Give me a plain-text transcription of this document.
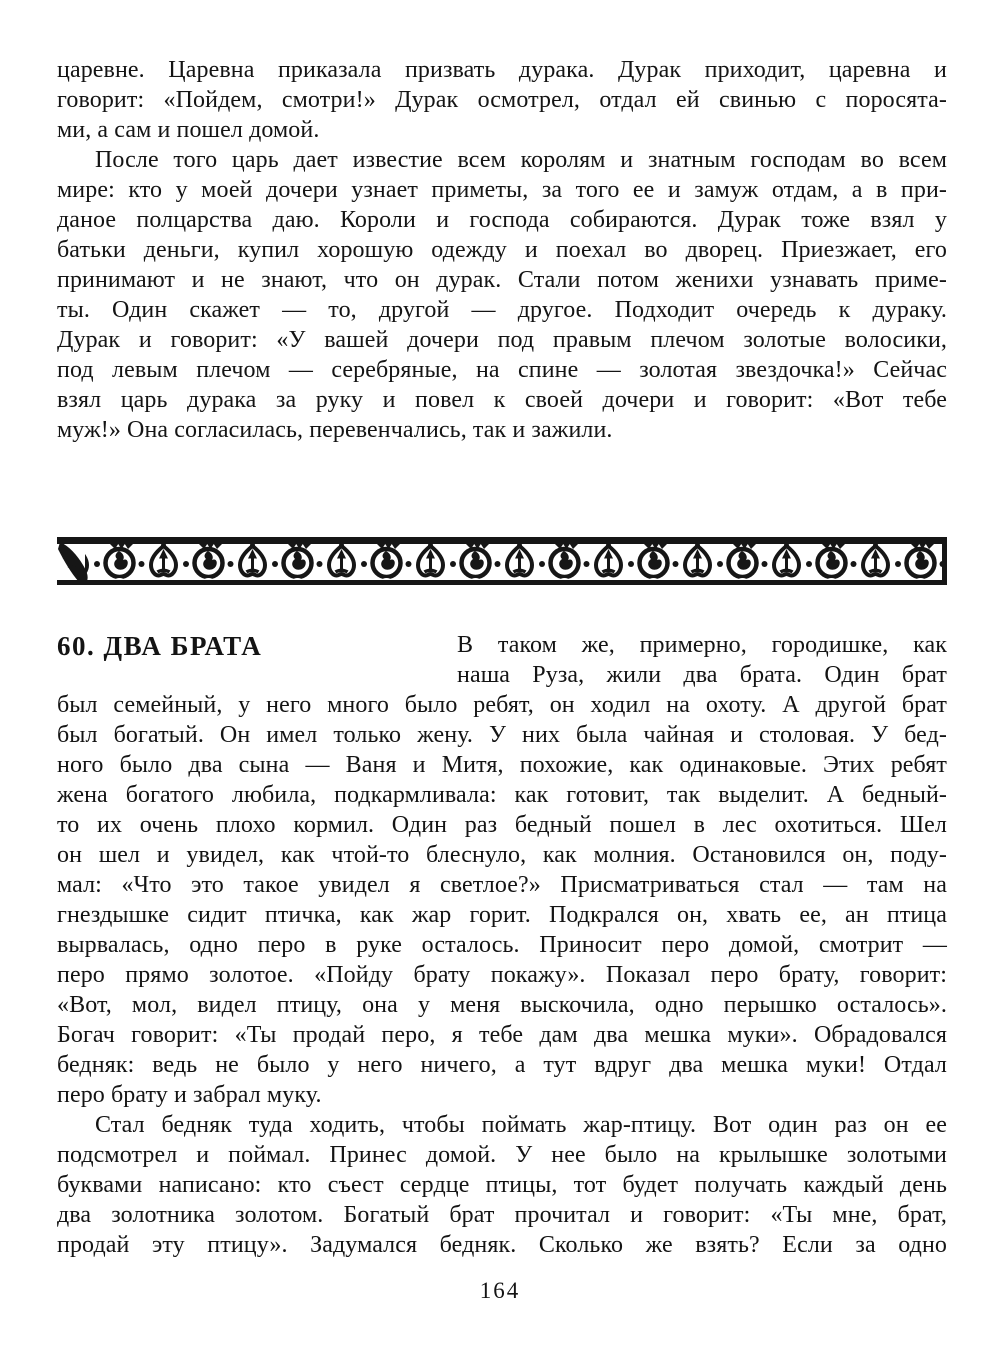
царевне. Царевна приказала призвать дурака. Дурак приходит, царевна и
говорит: «Пойдем, смотри!» Дурак осмотрел, отдал ей свинью с поросята-
ми, а сам и пошел домой.
После того царь дает известие всем королям и знатным господам во всем
мире: кто у моей дочери узнает приметы, за того ее и замуж отдам, а в при-
даное полцарства даю. Короли и господа собираются. Дурак тоже взял у
батьки деньги, купил хорошую одежду и поехал во дворец. Приезжает, его
принимают и не знают, что он дурак. Стали потом женихи узнавать приме-
ты. Один скажет — то, другой — другое. Подходит очередь к дураку.
Дурак и говорит: «У вашей дочери под правым плечом золотые волосики,
под левым плечом — серебряные, на спине — золотая звездочка!» Сейчас
взял царь дурака за руку и повел к своей дочери и говорит: «Вот тебе
муж!» Она согласилась, перевенчались, так и зажили.
60. ДВА БРАТА	В таком же, примерно, городишке, как
наша Руза, жили два брата. Один брат
был семейный, у него много было ребят, он ходил на охоту. А другой брат
был богатый. Он имел только жену. У них была чайная и столовая. У бед-
ного было два сына — Ваня и Митя, похожие, как одинаковые. Этих ребят
жена богатого любила, подкармливала: как готовит, так выделит. А бедный-
то их очень плохо кормил. Один раз бедный пошел в лес охотиться. Шел
он шел и увидел, как чтой-то блеснуло, как молния. Остановился он, поду-
мал: «Что это такое увидел я светлое?» Присматриваться стал — там на
гнездышке сидит птичка, как жар горит. Подкрался он, хвать ее, ан птица
вырвалась, одно перо в руке осталось. Приносит перо домой, смотрит —
перо прямо золотое. «Пойду брату покажу». Показал перо брату, говорит:
«Вот, мол, видел птицу, она у меня выскочила, одно перышко осталось».
Богач говорит: «Ты продай перо, я тебе дам два мешка муки». Обрадовался
бедняк: ведь не было у него ничего, а тут вдруг два мешка муки! Отдал
перо брату и забрал муку.
Стал бедняк туда ходить, чтобы поймать жар-птицу. Вот один раз он ее
подсмотрел и поймал. Принес домой. У нее было на крылышке золотыми
буквами написано: кто съест сердце птицы, тот будет получать каждый день
два золотника золотом. Богатый брат прочитал и говорит: «Ты мне, брат,
продай эту птицу». Задумался бедняк. Сколько же взять? Если за одно
164
